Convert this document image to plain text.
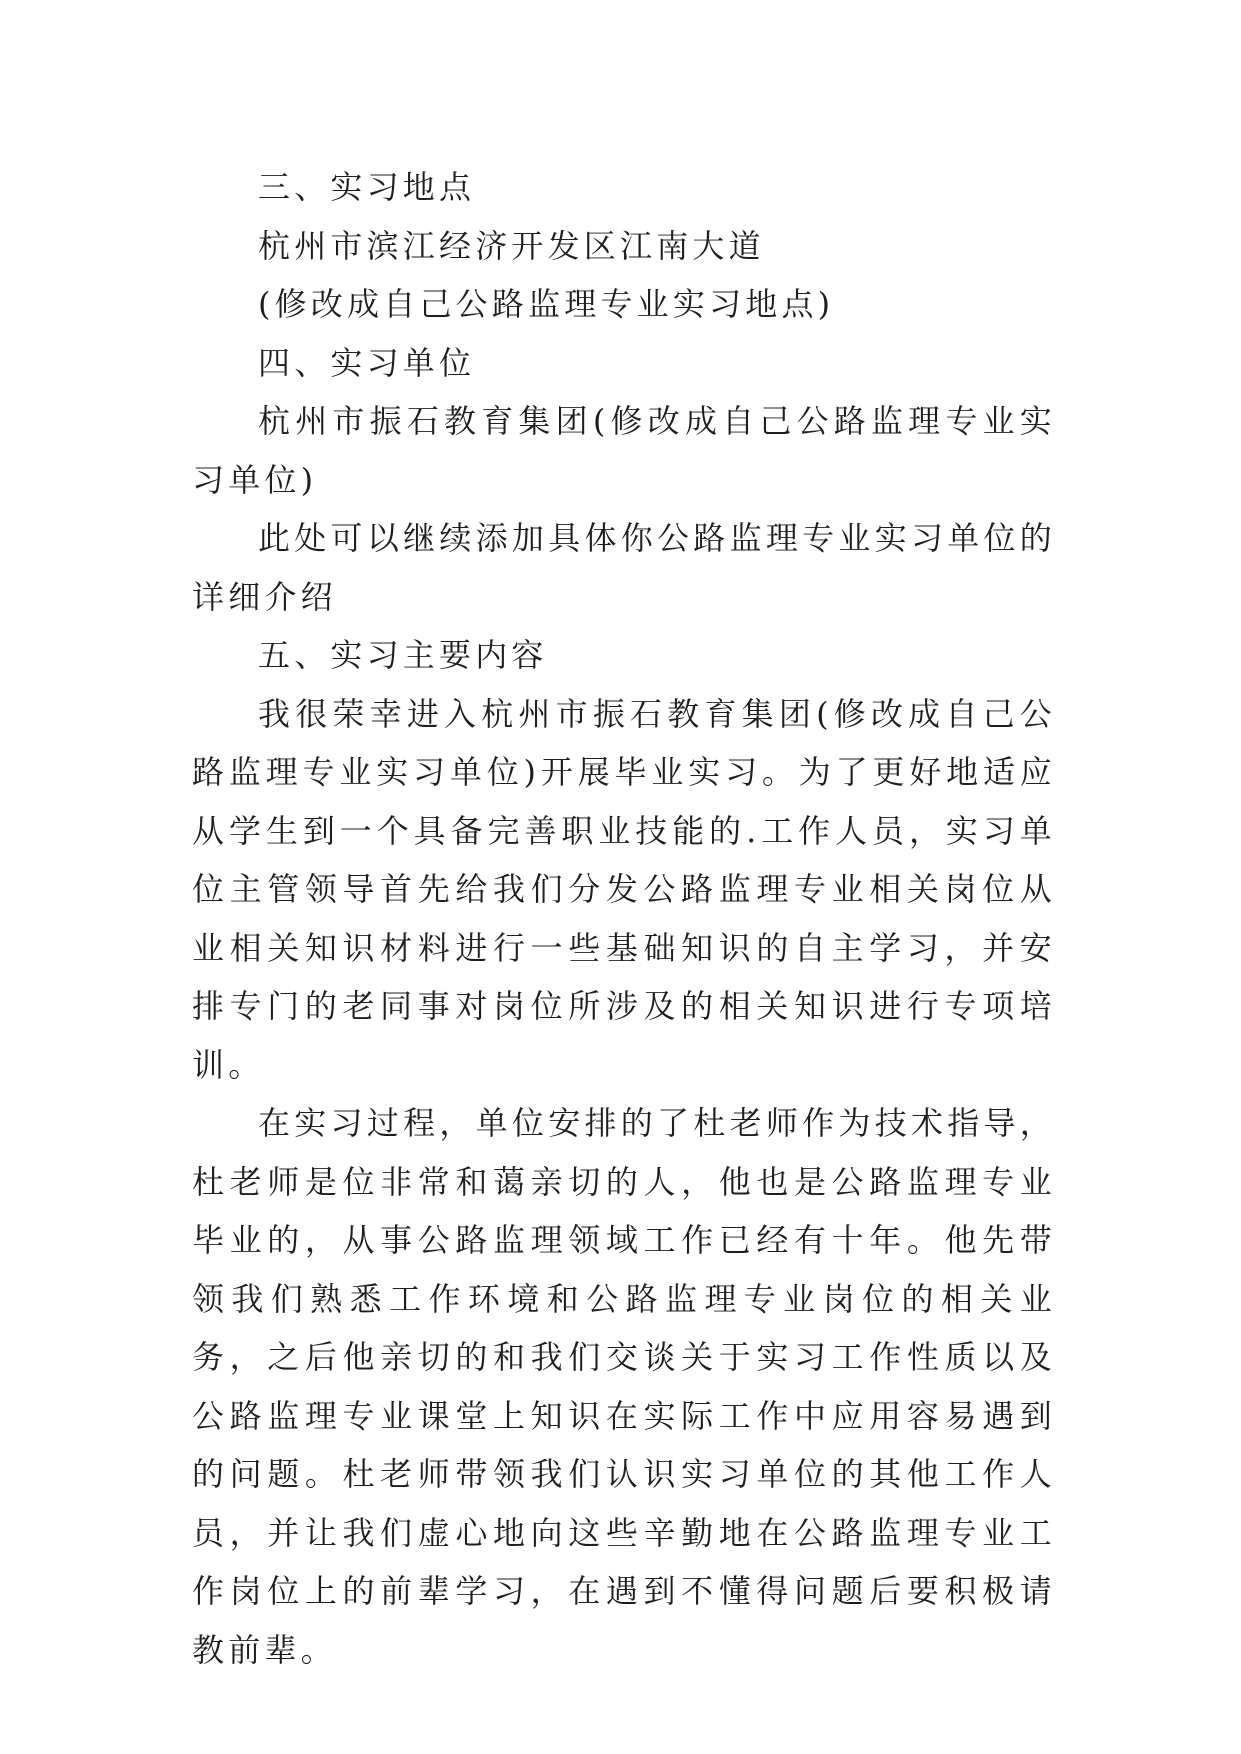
三、实习地点

杭州市滨江经济开发区江南大道

(修改成自己公路监理专业实习地点)

四、实习单位

杭州市振石教育集团(修改成自己公路监理专业实习单位)

此处可以继续添加具体你公路监理专业实习单位的详细介绍

五、实习主要内容

我很荣幸进入杭州市振石教育集团(修改成自己公路监理专业实习单位)开展毕业实习。为了更好地适应从学生到一个具备完善职业技能的.工作人员，实习单位主管领导首先给我们分发公路监理专业相关岗位从业相关知识材料进行一些基础知识的自主学习，并安排专门的老同事对岗位所涉及的相关知识进行专项培训。

在实习过程，单位安排的了杜老师作为技术指导，杜老师是位非常和蔼亲切的人，他也是公路监理专业毕业的，从事公路监理领域工作已经有十年。他先带领我们熟悉工作环境和公路监理专业岗位的相关业务，之后他亲切的和我们交谈关于实习工作性质以及公路监理专业课堂上知识在实际工作中应用容易遇到的问题。杜老师带领我们认识实习单位的其他工作人员，并让我们虚心地向这些辛勤地在公路监理专业工作岗位上的前辈学习，在遇到不懂得问题后要积极请教前辈。
